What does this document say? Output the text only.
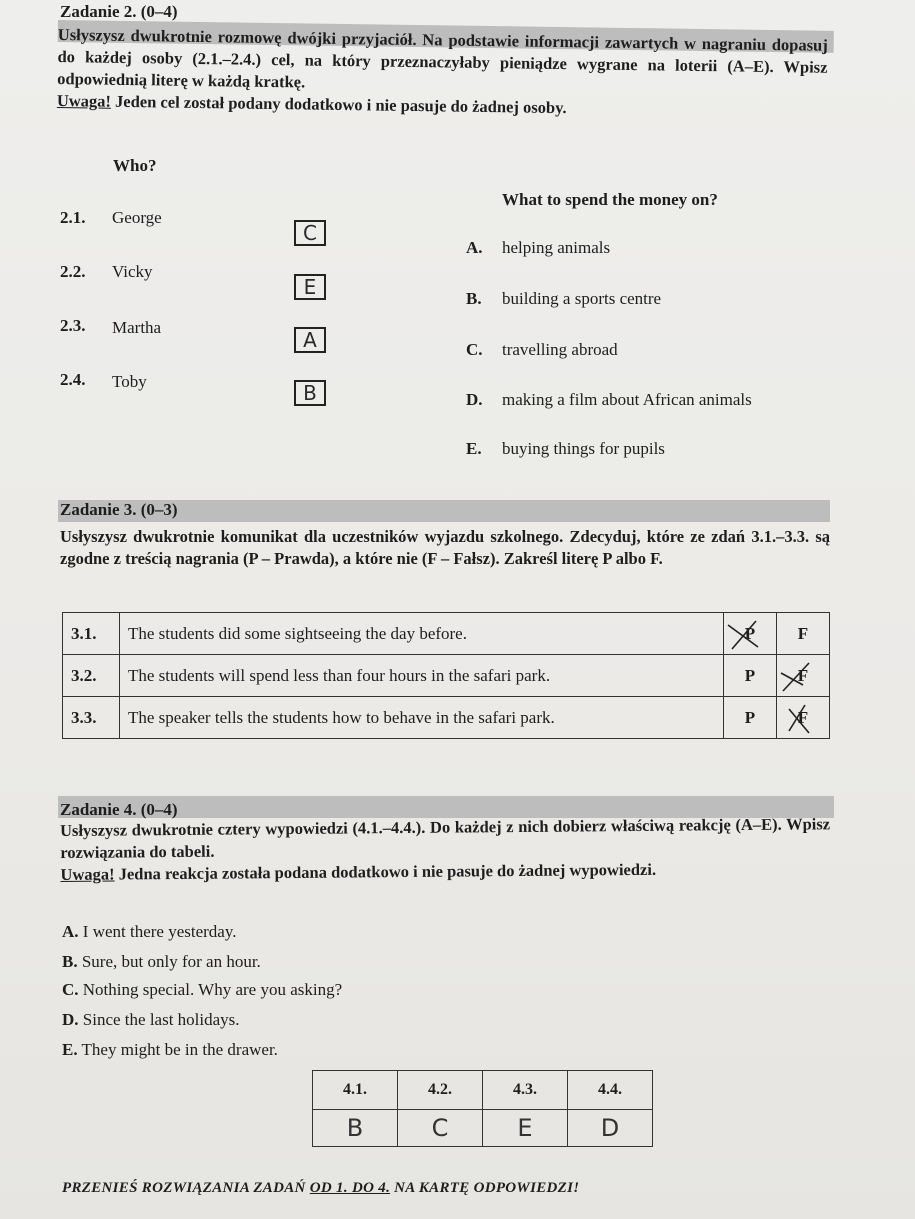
Zadanie 2. (0–4)
Usłyszysz dwukrotnie rozmowę dwójki przyjaciół. Na podstawie informacji zawartych w nagraniu dopasuj do każdej osoby (2.1.–2.4.) cel, na który przeznaczyłaby pieniądze wygrane na loterii (A–E). Wpisz odpowiednią literę w każdą kratkę.
Uwaga! Jeden cel został podany dodatkowo i nie pasuje do żadnej osoby.
Who?
What to spend the money on?
2.1. George
C
2.2. Vicky
E
2.3. Martha
A
2.4. Toby	B
A. helping animals
B. building a sports centre
C. travelling abroad
D. making a film about African animals
E. buying things for pupils
Zadanie 3. (0–3)
Usłyszysz dwukrotnie komunikat dla uczestników wyjazdu szkolnego. Zdecyduj, które ze zdań 3.1.–3.3. są zgodne z treścią nagrania (P – Prawda), a które nie (F – Fałsz). Zakreśl literę P albo F.
3.1.	The students did some sightseeing the day before.	P	F
3.2.	The students will spend less than four hours in the safari park.	P	F

3.3.	The speaker tells the students how to behave in the safari park.	P	F
Zadanie 4. (0–4)
Usłyszysz dwukrotnie cztery wypowiedzi (4.1.–4.4.). Do każdej z nich dobierz właściwą reakcję (A–E). Wpisz rozwiązania do tabeli.
Uwaga! Jedna reakcja została podana dodatkowo i nie pasuje do żadnej wypowiedzi.
A. I went there yesterday.
B. Sure, but only for an hour.
C. Nothing special. Why are you asking?
D. Since the last holidays.
E. They might be in the drawer.
4.1.	4.2.	4.3.	4.4.
B	C	E	D
PRZENIEŚ ROZWIĄZANIA ZADAŃ OD 1. DO 4. NA KARTĘ ODPOWIEDZI!
